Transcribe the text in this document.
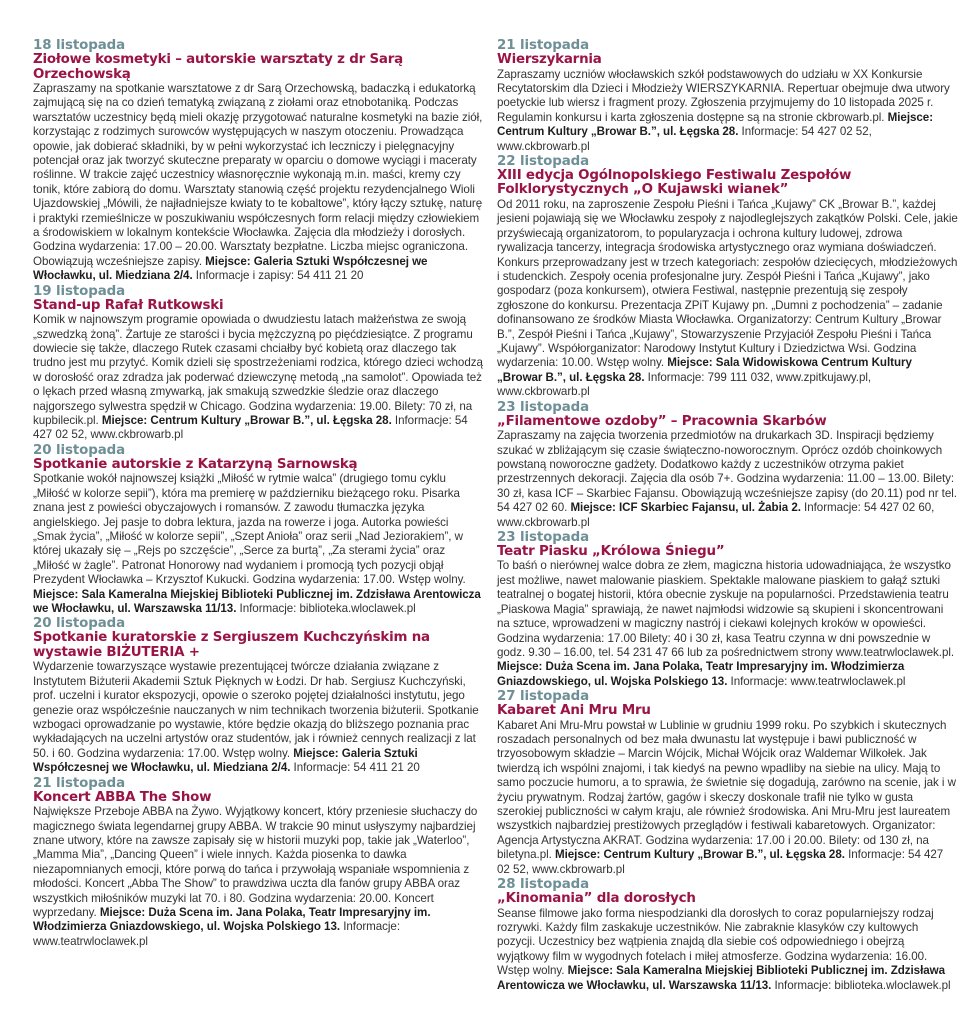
18 listopada

Ziołowe kosmetyki – autorskie warsztaty z dr Sarą Orzechowską

Zapraszamy na spotkanie warsztatowe z dr Sarą Orzechowską, badaczką i edukatorką zajmującą się na co dzień tematyką związaną z ziołami oraz etnobotaniką. Podczas warsztatów uczestnicy będą mieli okazję przygotować naturalne kosmetyki na bazie ziół, korzystając z rodzimych surowców występujących w naszym otoczeniu. Prowadząca opowie, jak dobierać składniki, by w pełni wykorzystać ich leczniczy i pielęgnacyjny potencjał oraz jak tworzyć skuteczne preparaty w oparciu o domowe wyciągi i maceraty roślinne. W trakcie zajęć uczestnicy własnoręcznie wykonają m.in. maści, kremy czy tonik, które zabiorą do domu. Warsztaty stanowią część projektu rezydencjalnego Wioli Ujazdowskiej „Mówili, że najładniejsze kwiaty to te kobaltowe”, który łączy sztukę, naturę i praktyki rzemieślnicze w poszukiwaniu współczesnych form relacji między człowiekiem a środowiskiem w lokalnym kontekście Włocławka. Zajęcia dla młodzieży i dorosłych. Godzina wydarzenia: 17.00 – 20.00. Warsztaty bezpłatne. Liczba miejsc ograniczona. Obowiązują wcześniejsze zapisy. Miejsce: Galeria Sztuki Współczesnej we Włocławku, ul. Miedziana 2/4. Informacje i zapisy: 54 411 21 20

19 listopada

Stand-up Rafał Rutkowski

Komik w najnowszym programie opowiada o dwudziestu latach małżeństwa ze swoją „szwedzką żoną”. Żartuje ze starości i bycia mężczyzną po pięćdziesiątce. Z programu dowiecie się także, dlaczego Rutek czasami chciałby być kobietą oraz dlaczego tak trudno jest mu przytyć. Komik dzieli się spostrzeżeniami rodzica, którego dzieci wchodzą w dorosłość oraz zdradza jak poderwać dziewczynę metodą „na samolot”. Opowiada też o lękach przed własną zmywarką, jak smakują szwedzkie śledzie oraz dlaczego najgorszego sylwestra spędził w Chicago. Godzina wydarzenia: 19.00. Bilety: 70 zł, na kupbilecik.pl. Miejsce: Centrum Kultury „Browar B.”, ul. Łęgska 28. Informacje: 54 427 02 52, www.ckbrowarb.pl

20 listopada

Spotkanie autorskie z Katarzyną Sarnowską

Spotkanie wokół najnowszej książki „Miłość w rytmie walca” (drugiego tomu cyklu „Miłość w kolorze sepii”), która ma premierę w październiku bieżącego roku. Pisarka znana jest z powieści obyczajowych i romansów. Z zawodu tłumaczka języka angielskiego. Jej pasje to dobra lektura, jazda na rowerze i joga. Autorka powieści „Smak życia”, „Miłość w kolorze sepii”, „Szept Anioła” oraz serii „Nad Jeziorakiem”, w której ukazały się – „Rejs po szczęście”, „Serce za burtą”, „Za sterami życia” oraz „Miłość w żagle”. Patronat Honorowy nad wydaniem i promocją tych pozycji objął Prezydent Włocławka – Krzysztof Kukucki. Godzina wydarzenia: 17.00. Wstęp wolny. Miejsce: Sala Kameralna Miejskiej Biblioteki Publicznej im. Zdzisława Arentowicza we Włocławku, ul. Warszawska 11/13. Informacje: biblioteka.wloclawek.pl

20 listopada

Spotkanie kuratorskie z Sergiuszem Kuchczyńskim na wystawie BIŻUTERIA +

Wydarzenie towarzyszące wystawie prezentującej twórcze działania związane z Instytutem Biżuterii Akademii Sztuk Pięknych w Łodzi. Dr hab. Sergiusz Kuchczyński, prof. uczelni i kurator ekspozycji, opowie o szeroko pojętej działalności instytutu, jego genezie oraz współcześnie nauczanych w nim technikach tworzenia biżuterii. Spotkanie wzbogaci oprowadzanie po wystawie, które będzie okazją do bliższego poznania prac wykładających na uczelni artystów oraz studentów, jak i również cennych realizacji z lat 50. i 60. Godzina wydarzenia: 17.00. Wstęp wolny. Miejsce: Galeria Sztuki Współczesnej we Włocławku, ul. Miedziana 2/4. Informacje: 54 411 21 20

21 listopada

Koncert ABBA The Show

Największe Przeboje ABBA na Żywo. Wyjątkowy koncert, który przeniesie słuchaczy do magicznego świata legendarnej grupy ABBA. W trakcie 90 minut usłyszymy najbardziej znane utwory, które na zawsze zapisały się w historii muzyki pop, takie jak „Waterloo”, „Mamma Mia”, „Dancing Queen” i wiele innych. Każda piosenka to dawka niezapomnianych emocji, które porwą do tańca i przywołają wspaniałe wspomnienia z młodości. Koncert „Abba The Show” to prawdziwa uczta dla fanów grupy ABBA oraz wszystkich miłośników muzyki lat 70. i 80. Godzina wydarzenia: 20.00. Koncert wyprzedany. Miejsce: Duża Scena im. Jana Polaka, Teatr Impresaryjny im. Włodzimierza Gniazdowskiego, ul. Wojska Polskiego 13. Informacje: www.teatrwloclawek.pl

21 listopada

Wierszykarnia

Zapraszamy uczniów włocławskich szkół podstawowych do udziału w XX Konkursie Recytatorskim dla Dzieci i Młodzieży WIERSZYKARNIA. Repertuar obejmuje dwa utwory poetyckie lub wiersz i fragment prozy. Zgłoszenia przyjmujemy do 10 listopada 2025 r. Regulamin konkursu i karta zgłoszenia dostępne są na stronie ckbrowarb.pl. Miejsce: Centrum Kultury „Browar B.”, ul. Łęgska 28. Informacje: 54 427 02 52, www.ckbrowarb.pl

22 listopada

XIII edycja Ogólnopolskiego Festiwalu Zespołów Folklorystycznych „O Kujawski wianek”

Od 2011 roku, na zaproszenie Zespołu Pieśni i Tańca „Kujawy” CK „Browar B.”, każdej jesieni pojawiają się we Włocławku zespoły z najodleglejszych zakątków Polski. Cele, jakie przyświecają organizatorom, to popularyzacja i ochrona kultury ludowej, zdrowa rywalizacja tancerzy, integracja środowiska artystycznego oraz wymiana doświadczeń. Konkurs przeprowadzany jest w trzech kategoriach: zespołów dziecięcych, młodzieżowych i studenckich. Zespoły ocenia profesjonalne jury. Zespół Pieśni i Tańca „Kujawy”, jako gospodarz (poza konkursem), otwiera Festiwal, następnie prezentują się zespoły zgłoszone do konkursu. Prezentacja ZPiT Kujawy pn. „Dumni z pochodzenia” – zadanie dofinansowano ze środków Miasta Włocławka. Organizatorzy: Centrum Kultury „Browar B.”, Zespół Pieśni i Tańca „Kujawy”, Stowarzyszenie Przyjaciół Zespołu Pieśni i Tańca „Kujawy”. Współorganizator: Narodowy Instytut Kultury i Dziedzictwa Wsi. Godzina wydarzenia: 10.00. Wstęp wolny. Miejsce: Sala Widowiskowa Centrum Kultury „Browar B.”, ul. Łęgska 28. Informacje: 799 111 032, www.zpitkujawy.pl, www.ckbrowarb.pl

23 listopada

„Filamentowe ozdoby” – Pracownia Skarbów

Zapraszamy na zajęcia tworzenia przedmiotów na drukarkach 3D. Inspiracji będziemy szukać w zbliżającym się czasie świąteczno-noworocznym. Oprócz ozdób choinkowych powstaną noworoczne gadżety. Dodatkowo każdy z uczestników otrzyma pakiet przestrzennych dekoracji. Zajęcia dla osób 7+. Godzina wydarzenia: 11.00 – 13.00. Bilety: 30 zł, kasa ICF – Skarbiec Fajansu. Obowiązują wcześniejsze zapisy (do 20.11) pod nr tel. 54 427 02 60. Miejsce: ICF Skarbiec Fajansu, ul. Żabia 2. Informacje: 54 427 02 60, www.ckbrowarb.pl

23 listopada

Teatr Piasku „Królowa Śniegu”

To baśń o nierównej walce dobra ze złem, magiczna historia udowadniająca, że wszystko jest możliwe, nawet malowanie piaskiem. Spektakle malowane piaskiem to gałąź sztuki teatralnej o bogatej historii, która obecnie zyskuje na popularności. Przedstawienia teatru „Piaskowa Magia” sprawiają, że nawet najmłodsi widzowie są skupieni i skoncentrowani na sztuce, wprowadzeni w magiczny nastrój i ciekawi kolejnych kroków w opowieści. Godzina wydarzenia: 17.00 Bilety: 40 i 30 zł, kasa Teatru czynna w dni powszednie w godz. 9.30 – 16.00, tel. 54 231 47 66 lub za pośrednictwem strony www.teatrwloclawek.pl. Miejsce: Duża Scena im. Jana Polaka, Teatr Impresaryjny im. Włodzimierza Gniazdowskiego, ul. Wojska Polskiego 13. Informacje: www.teatrwloclawek.pl

27 listopada

Kabaret Ani Mru Mru

Kabaret Ani Mru-Mru powstał w Lublinie w grudniu 1999 roku. Po szybkich i skutecznych roszadach personalnych od bez mała dwunastu lat występuje i bawi publiczność w trzyosobowym składzie – Marcin Wójcik, Michał Wójcik oraz Waldemar Wilkołek. Jak twierdzą ich wspólni znajomi, i tak kiedyś na pewno wpadliby na siebie na ulicy. Mają to samo poczucie humoru, a to sprawia, że świetnie się dogadują, zarówno na scenie, jak i w życiu prywatnym. Rodzaj żartów, gagów i skeczy doskonale trafił nie tylko w gusta szerokiej publiczności w całym kraju, ale również środowiska. Ani Mru-Mru jest laureatem wszystkich najbardziej prestiżowych przeglądów i festiwali kabaretowych. Organizator: Agencja Artystyczna AKRAT. Godzina wydarzenia: 17.00 i 20.00. Bilety: od 130 zł, na biletyna.pl. Miejsce: Centrum Kultury „Browar B.”, ul. Łęgska 28. Informacje: 54 427 02 52, www.ckbrowarb.pl

28 listopada

„Kinomania” dla dorosłych

Seanse filmowe jako forma niespodzianki dla dorosłych to coraz popularniejszy rodzaj rozrywki. Każdy film zaskakuje uczestników. Nie zabraknie klasyków czy kultowych pozycji. Uczestnicy bez wątpienia znajdą dla siebie coś odpowiedniego i obejrzą wyjątkowy film w wygodnych fotelach i miłej atmosferze. Godzina wydarzenia: 16.00. Wstęp wolny. Miejsce: Sala Kameralna Miejskiej Biblioteki Publicznej im. Zdzisława Arentowicza we Włocławku, ul. Warszawska 11/13. Informacje: biblioteka.wloclawek.pl
